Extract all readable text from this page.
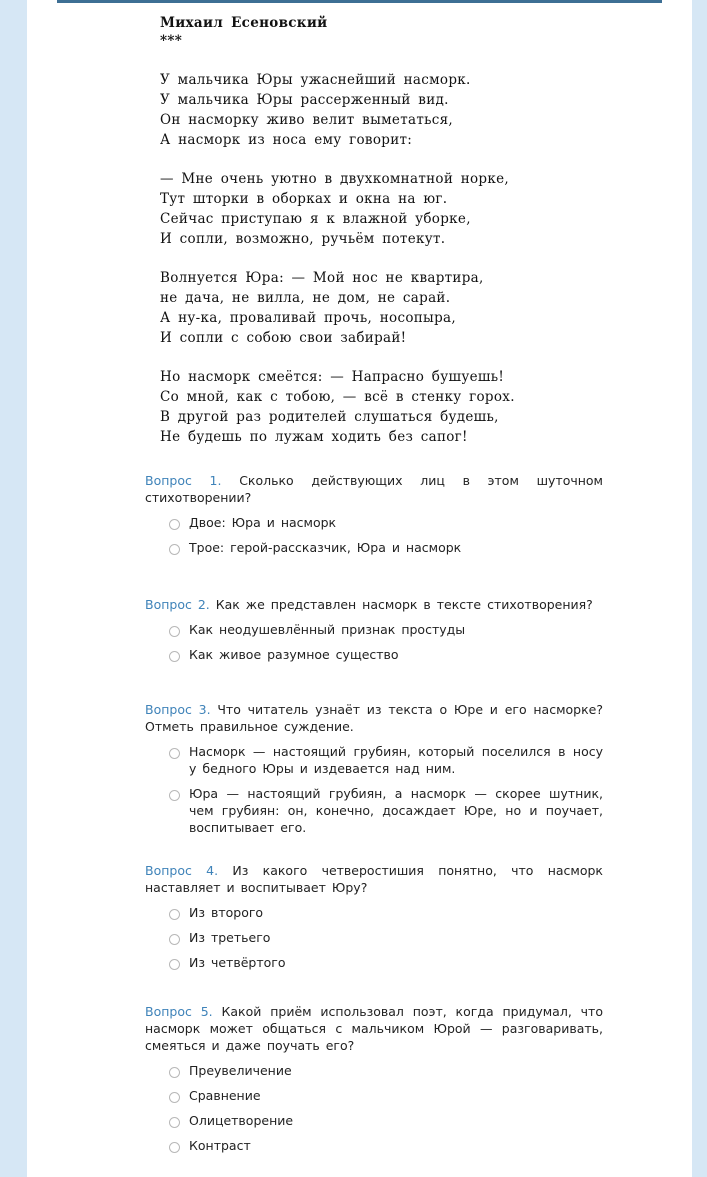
Михаил Есеновский
***
У мальчика Юры ужаснейший насморк.
У мальчика Юры рассерженный вид.
Он насморку живо велит выметаться,
А насморк из носа ему говорит:
— Мне очень уютно в двухкомнатной норке,
Тут шторки в оборках и окна на юг.
Сейчас приступаю я к влажной уборке,
И сопли, возможно, ручьём потекут.
Волнуется Юра: — Мой нос не квартира,
не дача, не вилла, не дом, не сарай.
А ну-ка, проваливай прочь, носопыра,
И сопли с собою свои забирай!
Но насморк смеётся: — Напрасно бушуешь!
Со мной, как с тобою, — всё в стенку горох.
В другой раз родителей слушаться будешь,
Не будешь по лужам ходить без сапог!
Вопрос 1. Сколько действующих лиц в этом шуточном стихотворении?
Двое: Юра и насморк
Трое: герой-рассказчик, Юра и насморк
Вопрос 2. Как же представлен насморк в тексте стихотворения?
Как неодушевлённый признак простуды
Как живое разумное существо
Вопрос 3. Что читатель узнаёт из текста о Юре и его насморке? Отметь правильное суждение.
Насморк — настоящий грубиян, который поселился в носу у бедного Юры и издевается над ним.
Юра — настоящий грубиян, а насморк — скорее шутник, чем грубиян: он, конечно, досаждает Юре, но и поучает, воспитывает его.
Вопрос 4. Из какого четверостишия понятно, что насморк наставляет и воспитывает Юру?
Из второго
Из третьего
Из четвёртого
Вопрос 5. Какой приём использовал поэт, когда придумал, что насморк может общаться с мальчиком Юрой — разговаривать, смеяться и даже поучать его?
Преувеличение
Сравнение
Олицетворение
Контраст
